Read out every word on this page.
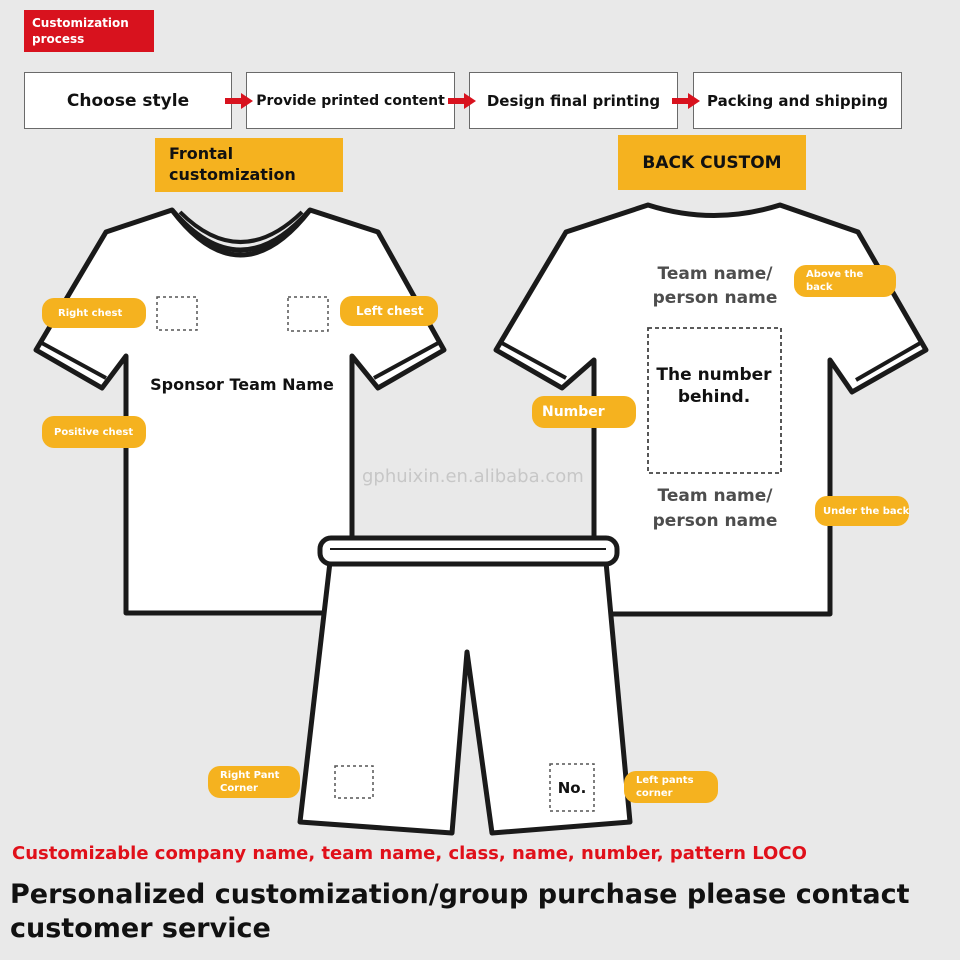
Customization process
Choose style	Provide printed content	Design final printing	Packing and shipping
Frontal customization
BACK CUSTOM
Right chest	Left chest
Sponsor Team Name
Positive chest
Team name/ person name
Above the back
Number
The number behind.
Team name/ person name	Under the back
gphuixin.en.alibaba.com
Right Pant Corner	No.	Left pants corner
Customizable company name, team name, class, name, number, pattern LOCO
Personalized customization/group purchase please contact customer service
